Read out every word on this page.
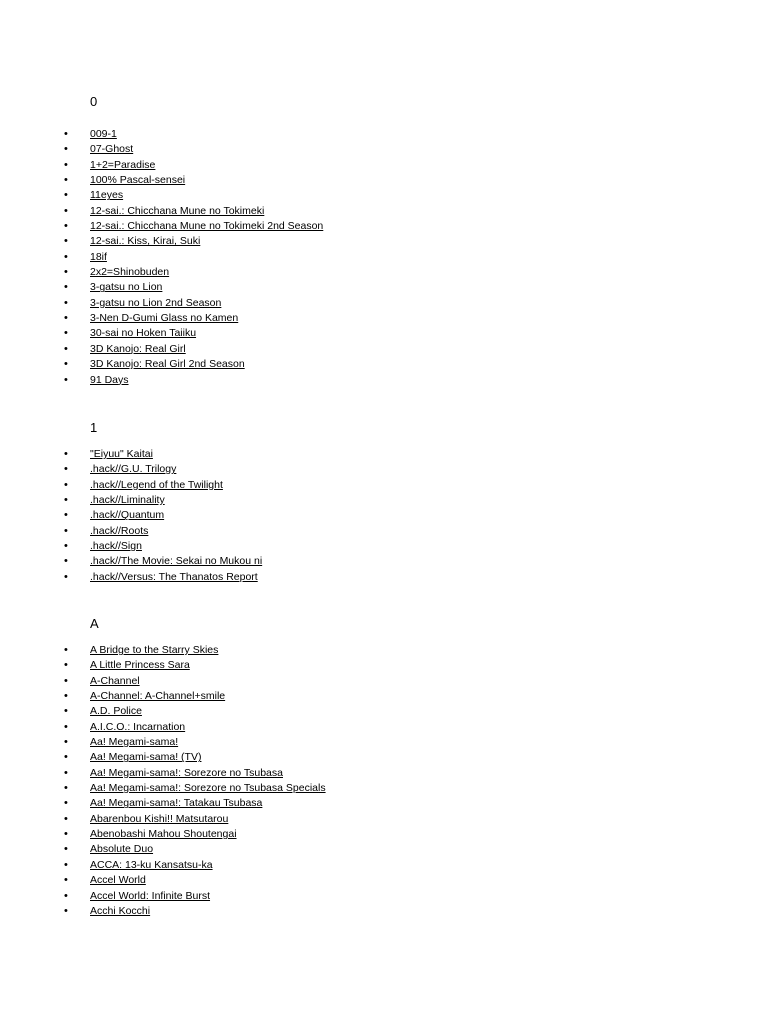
0
• 009-1
• 07-Ghost
• 1+2=Paradise
• 100% Pascal-sensei
• 11eyes
• 12-sai.: Chicchana Mune no Tokimeki
• 12-sai.: Chicchana Mune no Tokimeki 2nd Season
• 12-sai.: Kiss, Kirai, Suki
• 18if
• 2x2=Shinobuden
• 3-gatsu no Lion
• 3-gatsu no Lion 2nd Season
• 3-Nen D-Gumi Glass no Kamen
• 30-sai no Hoken Taiiku
• 3D Kanojo: Real Girl
• 3D Kanojo: Real Girl 2nd Season
• 91 Days
1
• "Eiyuu" Kaitai
• .hack//G.U. Trilogy
• .hack//Legend of the Twilight
• .hack//Liminality
• .hack//Quantum
• .hack//Roots
• .hack//Sign
• .hack//The Movie: Sekai no Mukou ni
• .hack//Versus: The Thanatos Report
A
• A Bridge to the Starry Skies
• A Little Princess Sara
• A-Channel
• A-Channel: A-Channel+smile
• A.D. Police
• A.I.C.O.: Incarnation
• Aa! Megami-sama!
• Aa! Megami-sama! (TV)
• Aa! Megami-sama!: Sorezore no Tsubasa
• Aa! Megami-sama!: Sorezore no Tsubasa Specials
• Aa! Megami-sama!: Tatakau Tsubasa
• Abarenbou Kishi!! Matsutarou
• Abenobashi Mahou Shoutengai
• Absolute Duo
• ACCA: 13-ku Kansatsu-ka
• Accel World
• Accel World: Infinite Burst
• Acchi Kocchi
